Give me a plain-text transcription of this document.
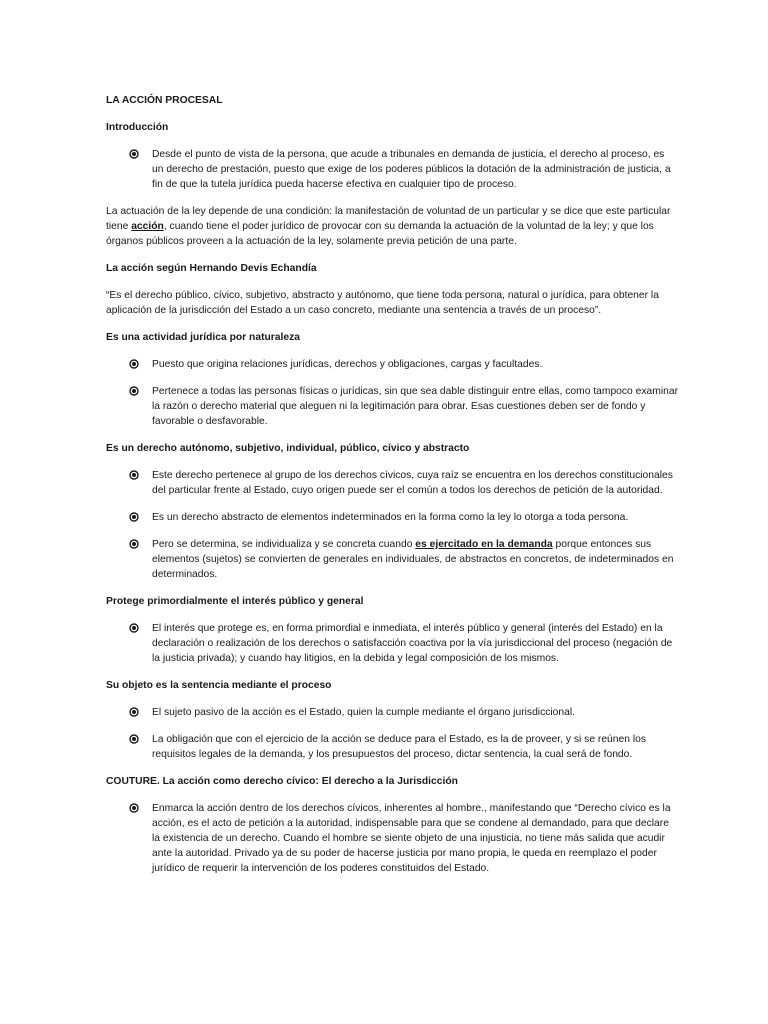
LA ACCIÓN PROCESAL
Introducción
Desde el punto de vista de la persona, que acude a tribunales en demanda de justicia, el derecho al proceso, es un derecho de prestación, puesto que exige de los poderes públicos la dotación de la administración de justicia, a fin de que la tutela jurídica pueda hacerse efectiva en cualquier tipo de proceso.

La actuación de la ley depende de una condición: la manifestación de voluntad de un particular y se dice que este particular tiene acción, cuando tiene el poder jurídico de provocar con su demanda la actuación de la voluntad de la ley; y que los órganos públicos proveen a la actuación de la ley, solamente previa petición de una parte.

La acción según Hernando Devis Echandía

“Es el derecho público, cívico, subjetivo, abstracto y autónomo, que tiene toda persona, natural o jurídica, para obtener la aplicación de la jurisdicción del Estado a un caso concreto, mediante una sentencia a través de un proceso”.

Es una actividad jurídica por naturaleza
Puesto que origina relaciones jurídicas, derechos y obligaciones, cargas y facultades.
Pertenece a todas las personas físicas o jurídicas, sin que sea dable distinguir entre ellas, como tampoco examinar la razón o derecho material que aleguen ni la legitimación para obrar. Esas cuestiones deben ser de fondo y favorable o desfavorable.
Es un derecho autónomo, subjetivo, individual, público, cívico y abstracto
Este derecho pertenece al grupo de los derechos cívicos, cuya raíz se encuentra en los derechos constitucionales del particular frente al Estado, cuyo origen puede ser el común a todos los derechos de petición de la autoridad.
Es un derecho abstracto de elementos indeterminados en la forma como la ley lo otorga a toda persona.
Pero se determina, se individualiza y se concreta cuando es ejercitado en la demanda porque entonces sus elementos (sujetos) se convierten de generales en individuales, de abstractos en concretos, de indeterminados en determinados.
Protege primordialmente el interés público y general
El interés que protege es, en forma primordial e inmediata, el interés público y general (interés del Estado) en la declaración o realización de los derechos o satisfacción coactiva por la vía jurisdiccional del proceso (negación de la justicia privada); y cuando hay litigios, en la debida y legal composición de los mismos.
Su objeto es la sentencia mediante el proceso
El sujeto pasivo de la acción es el Estado, quien la cumple mediante el órgano jurisdiccional.
La obligación que con el ejercicio de la acción se deduce para el Estado, es la de proveer, y si se reúnen los requisitos legales de la demanda, y los presupuestos del proceso, dictar sentencia, la cual será de fondo.
COUTURE. La acción como derecho cívico: El derecho a la Jurisdicción
Enmarca la acción dentro de los derechos cívicos, inherentes al hombre., manifestando que “Derecho cívico es la acción, es el acto de petición a la autoridad, indispensable para que se condene al demandado, para que declare la existencia de un derecho. Cuando el hombre se siente objeto de una injusticia, no tiene más salida que acudir ante la autoridad. Privado ya de su poder de hacerse justicia por mano propia, le queda en reemplazo el poder jurídico de requerir la intervención de los poderes constituidos del Estado.
